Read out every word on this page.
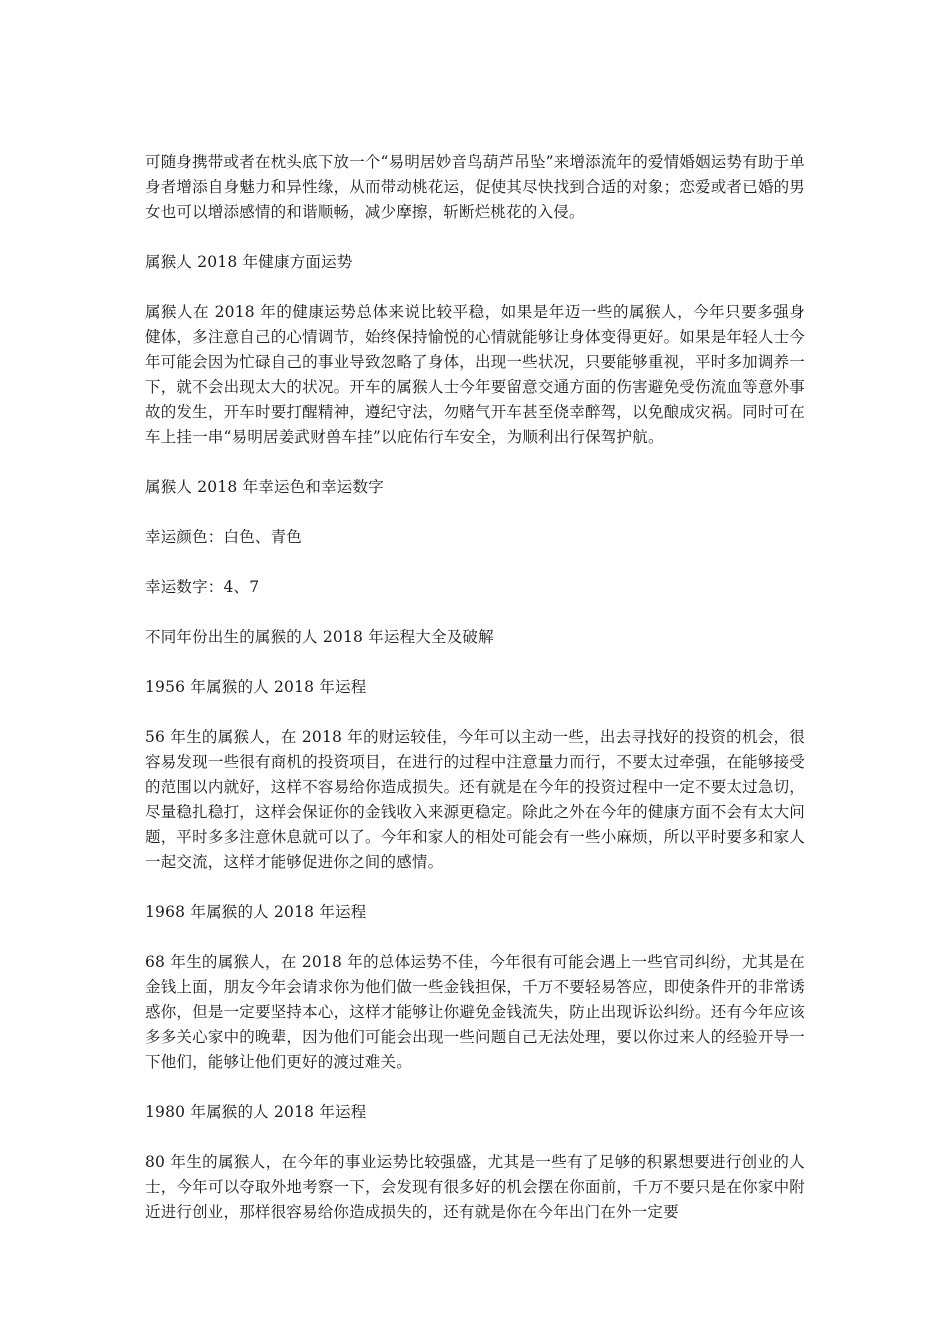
可随身携带或者在枕头底下放一个“易明居妙音鸟葫芦吊坠”来增添流年的爱情婚姻运势有助于单身者增添自身魅力和异性缘，从而带动桃花运，促使其尽快找到合适的对象；恋爱或者已婚的男女也可以增添感情的和谐顺畅，减少摩擦，斩断烂桃花的入侵。

属猴人 2018 年健康方面运势

属猴人在 2018 年的健康运势总体来说比较平稳，如果是年迈一些的属猴人，今年只要多强身健体，多注意自己的心情调节，始终保持愉悦的心情就能够让身体变得更好。如果是年轻人士今年可能会因为忙碌自己的事业导致忽略了身体，出现一些状况，只要能够重视，平时多加调养一下，就不会出现太大的状况。开车的属猴人士今年要留意交通方面的伤害避免受伤流血等意外事故的发生，开车时要打醒精神，遵纪守法，勿赌气开车甚至侥幸醉驾，以免酿成灾祸。同时可在车上挂一串“易明居姜武财兽车挂”以庇佑行车安全，为顺利出行保驾护航。

属猴人 2018 年幸运色和幸运数字

幸运颜色：白色、青色

幸运数字：4、7

不同年份出生的属猴的人 2018 年运程大全及破解

1956 年属猴的人 2018 年运程

56 年生的属猴人，在 2018 年的财运较佳，今年可以主动一些，出去寻找好的投资的机会，很容易发现一些很有商机的投资项目，在进行的过程中注意量力而行，不要太过牵强，在能够接受的范围以内就好，这样不容易给你造成损失。还有就是在今年的投资过程中一定不要太过急切，尽量稳扎稳打，这样会保证你的金钱收入来源更稳定。除此之外在今年的健康方面不会有太大问题，平时多多注意休息就可以了。今年和家人的相处可能会有一些小麻烦，所以平时要多和家人一起交流，这样才能够促进你之间的感情。

1968 年属猴的人 2018 年运程

68 年生的属猴人，在 2018 年的总体运势不佳，今年很有可能会遇上一些官司纠纷，尤其是在金钱上面，朋友今年会请求你为他们做一些金钱担保，千万不要轻易答应，即使条件开的非常诱惑你，但是一定要坚持本心，这样才能够让你避免金钱流失，防止出现诉讼纠纷。还有今年应该多多关心家中的晚辈，因为他们可能会出现一些问题自己无法处理，要以你过来人的经验开导一下他们，能够让他们更好的渡过难关。

1980 年属猴的人 2018 年运程

80 年生的属猴人，在今年的事业运势比较强盛，尤其是一些有了足够的积累想要进行创业的人士，今年可以夺取外地考察一下，会发现有很多好的机会摆在你面前，千万不要只是在你家中附近进行创业，那样很容易给你造成损失的，还有就是你在今年出门在外一定要
